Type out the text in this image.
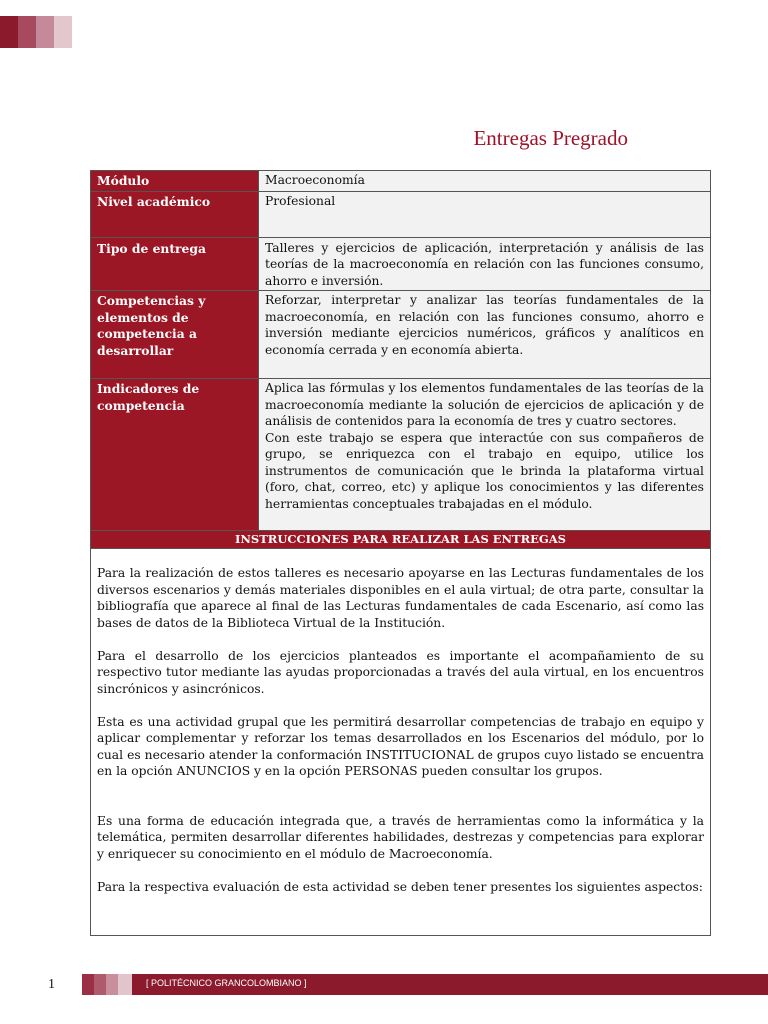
Entregas Pregrado
Módulo	Macroeconomía
Nivel académico	Profesional
Tipo de entrega	Talleres y ejercicios de aplicación, interpretación y análisis de las teorías de la macroeconomía en relación con las funciones consumo, ahorro e inversión.
Competencias y elementos de competencia a desarrollar	Reforzar, interpretar y analizar las teorías fundamentales de la macroeconomía, en relación con las funciones consumo, ahorro e inversión mediante ejercicios numéricos, gráficos y analíticos en economía cerrada y en economía abierta.
Indicadores de competencia	Aplica las fórmulas y los elementos fundamentales de las teorías de la macroeconomía mediante la solución de ejercicios de aplicación y de análisis de contenidos para la economía de tres y cuatro sectores.
Con este trabajo se espera que interactúe con sus compañeros de grupo, se enriquezca con el trabajo en equipo, utilice los instrumentos de comunicación que le brinda la plataforma virtual (foro, chat, correo, etc) y aplique los conocimientos y las diferentes herramientas conceptuales trabajadas en el módulo.

INSTRUCCIONES PARA REALIZAR LAS ENTREGAS	

Para la realización de estos talleres es necesario apoyarse en las Lecturas fundamentales de los diversos escenarios y demás materiales disponibles en el aula virtual; de otra parte, consultar la bibliografía que aparece al final de las Lecturas fundamentales de cada Escenario, así como las bases de datos de la Biblioteca Virtual de la Institución.

Para el desarrollo de los ejercicios planteados es importante el acompañamiento de su respectivo tutor mediante las ayudas proporcionadas a través del aula virtual, en los encuentros sincrónicos y asincrónicos.

Esta es una actividad grupal que les permitirá desarrollar competencias de trabajo en equipo y aplicar complementar y reforzar los temas desarrollados en los Escenarios del módulo, por lo cual es necesario atender la conformación INSTITUCIONAL de grupos cuyo listado se encuentra en la opción ANUNCIOS y en la opción PERSONAS pueden consultar los grupos.

Es una forma de educación integrada que, a través de herramientas como la informática y la telemática, permiten desarrollar diferentes habilidades, destrezas y competencias para explorar y enriquecer su conocimiento en el módulo de Macroeconomía.

Para la respectiva evaluación de esta actividad se deben tener presentes los siguientes aspectos:	

1	[ POLITÉCNICO GRANCOLOMBIANO ]
